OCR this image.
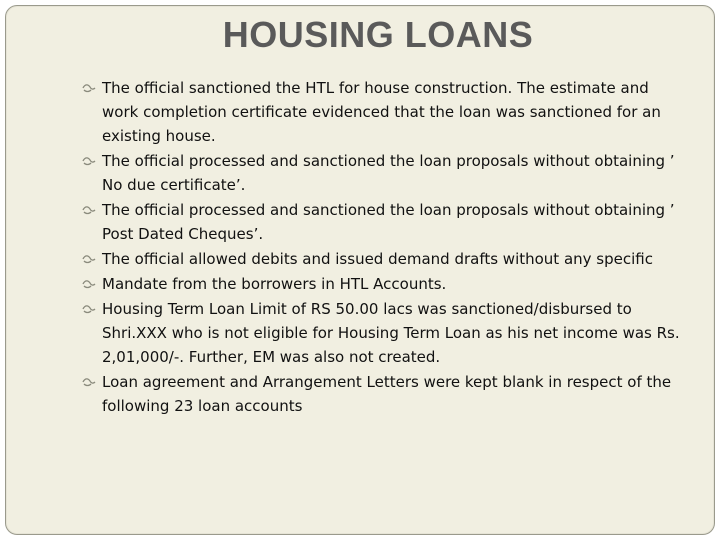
HOUSING LOANS
The official sanctioned the HTL for house construction. The estimate and work completion certificate evidenced that the loan was sanctioned for an existing house.
The official processed and sanctioned the loan proposals without obtaining ’ No due certificate’.
The official processed and sanctioned the loan proposals without obtaining ’ Post Dated Cheques’.
The official allowed debits and issued demand drafts without any specific
Mandate from the borrowers in HTL Accounts.
Housing Term Loan Limit of RS 50.00 lacs was sanctioned/disbursed to Shri.XXX who is not eligible for Housing Term Loan as his net income was Rs. 2,01,000/-. Further, EM was also not created.
Loan agreement and Arrangement Letters were kept blank in respect of the following 23 loan accounts
